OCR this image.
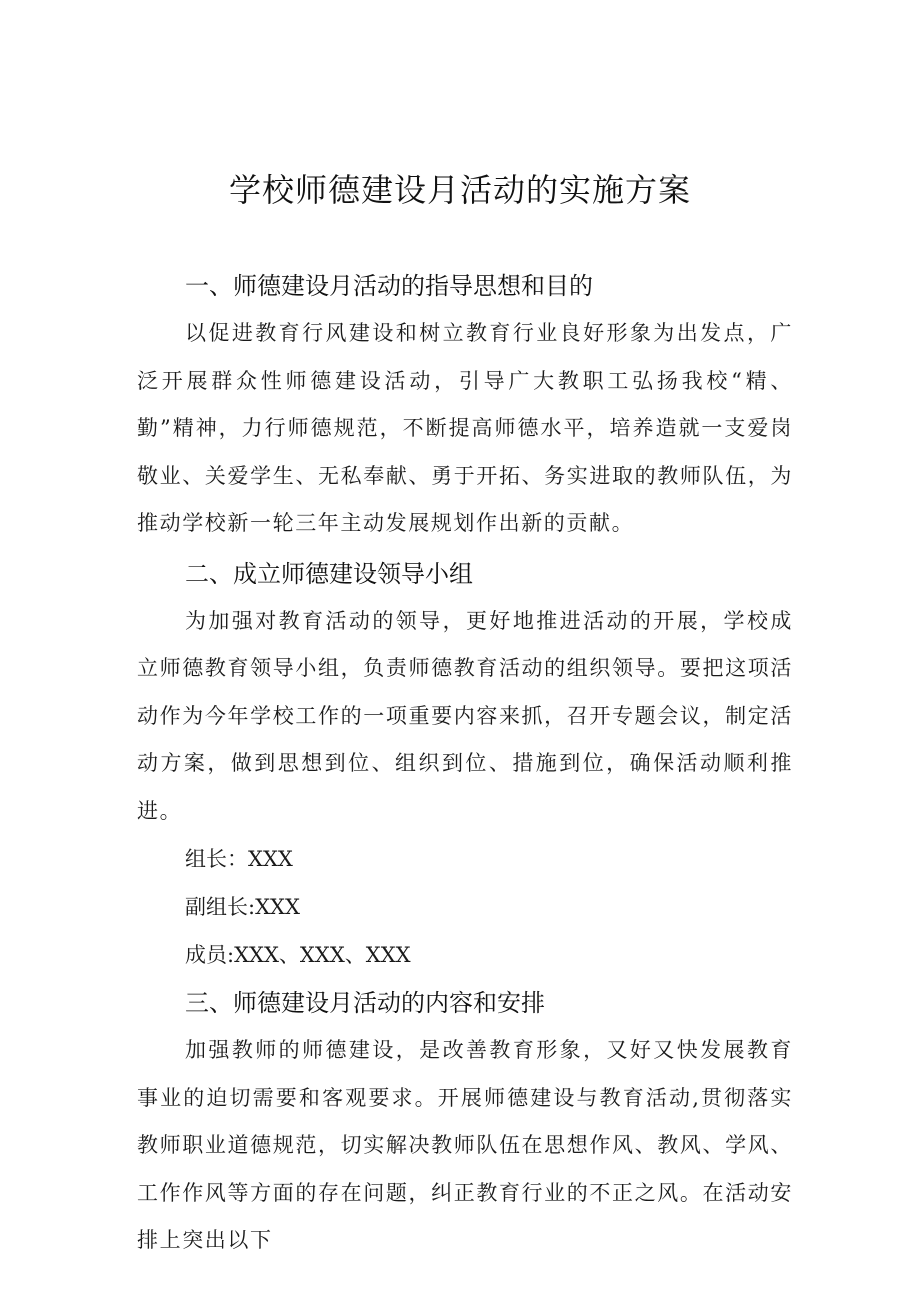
学校师德建设月活动的实施方案
一、师德建设月活动的指导思想和目的

以促进教育行风建设和树立教育行业良好形象为出发点，广泛开展群众性师德建设活动，引导广大教职工弘扬我校“精、勤”精神，力行师德规范，不断提高师德水平，培养造就一支爱岗敬业、关爱学生、无私奉献、勇于开拓、务实进取的教师队伍，为推动学校新一轮三年主动发展规划作出新的贡献。

二、成立师德建设领导小组

为加强对教育活动的领导，更好地推进活动的开展，学校成立师德教育领导小组，负责师德教育活动的组织领导。要把这项活动作为今年学校工作的一项重要内容来抓，召开专题会议，制定活动方案，做到思想到位、组织到位、措施到位，确保活动顺利推进。

组长：XXX
副组长:XXX
成员:XXX、XXX、XXX
三、师德建设月活动的内容和安排

加强教师的师德建设，是改善教育形象，又好又快发展教育事业的迫切需要和客观要求。开展师德建设与教育活动,贯彻落实教师职业道德规范，切实解决教师队伍在思想作风、教风、学风、工作作风等方面的存在问题，纠正教育行业的不正之风。在活动安排上突出以下
